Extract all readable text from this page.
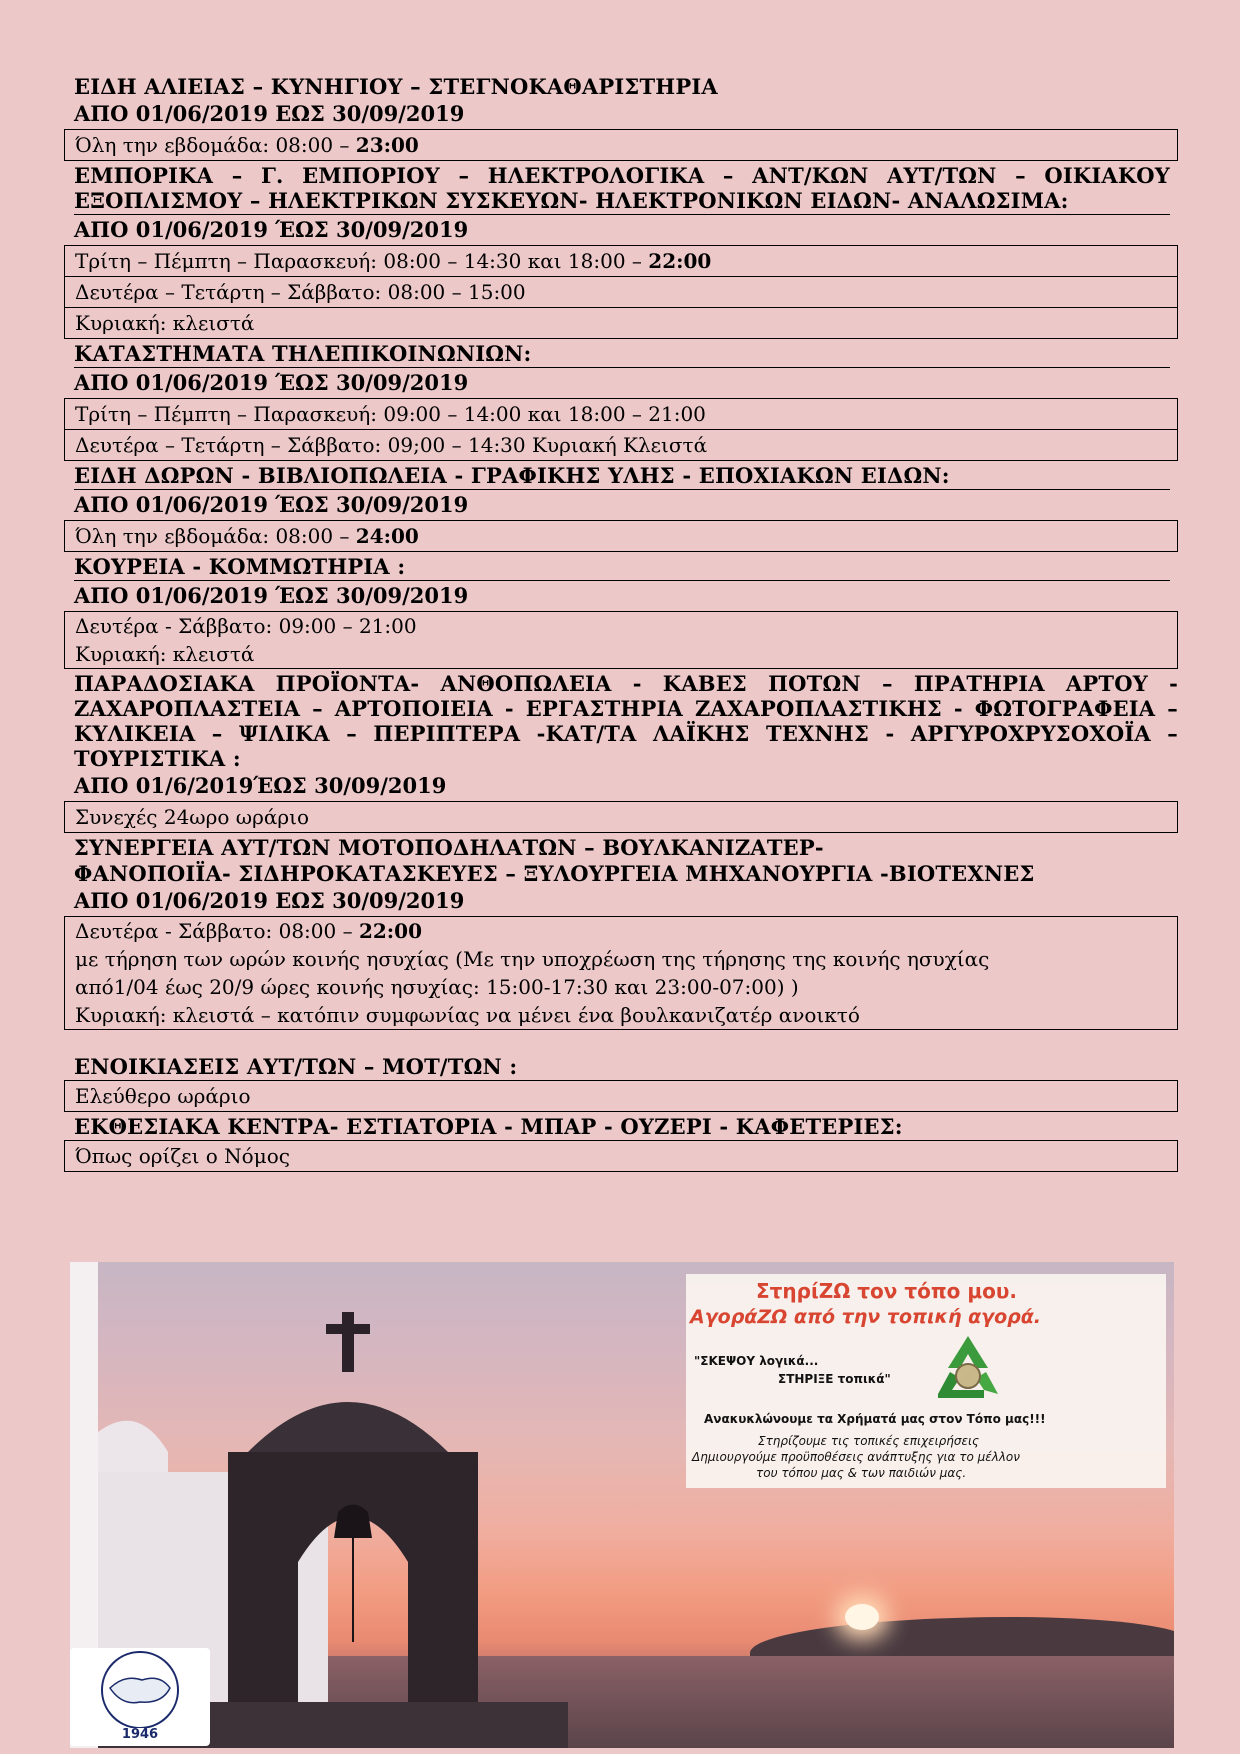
ΕΙΔΗ ΑΛΙΕΙΑΣ – ΚΥΝΗΓΙΟΥ – ΣΤΕΓΝΟΚΑΘΑΡΙΣΤΗΡΙΑ
ΑΠΟ 01/06/2019 ΕΩΣ 30/09/2019
Όλη την εβδομάδα: 08:00 – 23:00
ΕΜΠΟΡΙΚΑ – Γ. ΕΜΠΟΡΙΟΥ – ΗΛΕΚΤΡΟΛΟΓΙΚΑ – ΑΝΤ/ΚΩΝ ΑΥΤ/ΤΩΝ – ΟΙΚΙΑΚΟΥ ΕΞΟΠΛΙΣΜΟΥ – ΗΛΕΚΤΡΙΚΩΝ ΣΥΣΚΕΥΩΝ- ΗΛΕΚΤΡΟΝΙΚΩΝ ΕΙΔΩΝ- ΑΝΑΛΩΣΙΜΑ:
ΑΠΟ 01/06/2019 ΈΩΣ 30/09/2019
Τρίτη – Πέμπτη – Παρασκευή: 08:00 – 14:30 και 18:00 – 22:00
Δευτέρα – Τετάρτη – Σάββατο: 08:00 – 15:00
Κυριακή: κλειστά
ΚΑΤΑΣΤΗΜΑΤΑ ΤΗΛΕΠΙΚΟΙΝΩΝΙΩΝ:
ΑΠΟ 01/06/2019 ΈΩΣ 30/09/2019
Τρίτη – Πέμπτη – Παρασκευή: 09:00 – 14:00 και 18:00 – 21:00
Δευτέρα – Τετάρτη – Σάββατο: 09;00 – 14:30 Κυριακή Κλειστά
ΕΙΔΗ ΔΩΡΩΝ - ΒΙΒΛΙΟΠΩΛΕΙΑ - ΓΡΑΦΙΚΗΣ ΥΛΗΣ - ΕΠΟΧΙΑΚΩΝ ΕΙΔΩΝ:
ΑΠΟ 01/06/2019 ΈΩΣ 30/09/2019
Όλη την εβδομάδα: 08:00 – 24:00
ΚΟΥΡΕΙΑ - ΚΟΜΜΩΤΗΡΙΑ :
ΑΠΟ 01/06/2019 ΈΩΣ 30/09/2019
Δευτέρα - Σάββατο: 09:00 – 21:00
Κυριακή: κλειστά
ΠΑΡΑΔΟΣΙΑΚΑ ΠΡΟΪΟΝΤΑ- ΑΝΘΟΠΩΛΕΙΑ - ΚΑΒΕΣ ΠΟΤΩΝ – ΠΡΑΤΗΡΙΑ ΑΡΤΟΥ - ΖΑΧΑΡΟΠΛΑΣΤΕΙΑ – ΑΡΤΟΠΟΙΕΙΑ - ΕΡΓΑΣΤΗΡΙΑ ΖΑΧΑΡΟΠΛΑΣΤΙΚΗΣ - ΦΩΤΟΓΡΑΦΕΙΑ – ΚΥΛΙΚΕΙΑ – ΨΙΛΙΚΑ – ΠΕΡΙΠΤΕΡΑ -ΚΑΤ/ΤΑ ΛΑΪΚΗΣ ΤΕΧΝΗΣ - ΑΡΓΥΡΟΧΡΥΣΟΧΟΪΑ – ΤΟΥΡΙΣΤΙΚΑ :
ΑΠΟ 01/6/2019ΈΩΣ 30/09/2019
Συνεχές 24ωρο ωράριο
ΣΥΝΕΡΓΕΙΑ ΑΥΤ/ΤΩΝ ΜΟΤΟΠΟΔΗΛΑΤΩΝ – ΒΟΥΛΚΑΝΙΖΑΤΕΡ-
ΦΑΝΟΠΟΙΪΑ- ΣΙΔΗΡΟΚΑΤΑΣΚΕΥΕΣ – ΞΥΛΟΥΡΓΕΙΑ ΜΗΧΑΝΟΥΡΓΙΑ -ΒΙΟΤΕΧΝΕΣ
ΑΠΟ 01/06/2019 ΕΩΣ 30/09/2019
Δευτέρα - Σάββατο: 08:00 – 22:00
με τήρηση των ωρών κοινής ησυχίας (Με την υποχρέωση της τήρησης της κοινής ησυχίας
από1/04 έως 20/9 ώρες κοινής ησυχίας: 15:00-17:30 και 23:00-07:00) )
Κυριακή: κλειστά – κατόπιν συμφωνίας να μένει ένα βουλκανιζατέρ ανοικτό
ΕΝΟΙΚΙΑΣΕΙΣ ΑΥΤ/ΤΩΝ – ΜΟΤ/ΤΩΝ :
Ελεύθερο ωράριο
ΕΚΘΕΣΙΑΚΑ ΚΕΝΤΡΑ- ΕΣΤΙΑΤΟΡΙΑ - ΜΠΑΡ - ΟΥΖΕΡΙ - ΚΑΦΕΤΕΡΙΕΣ:
Όπως ορίζει ο Νόμος
ΣτηρίΖΩ τον τόπο μου.
ΑγοράΖΩ από την τοπική αγορά.
"ΣΚΕΨΟΥ λογικά...
ΣΤΗΡΙΞΕ τοπικά"
Ανακυκλώνουμε τα Χρήματά μας στον Τόπο μας!!!
Στηρίζουμε τις τοπικές επιχειρήσεις
Δημιουργούμε προϋποθέσεις ανάπτυξης για το μέλλον
του τόπου μας & των παιδιών μας.
1946
